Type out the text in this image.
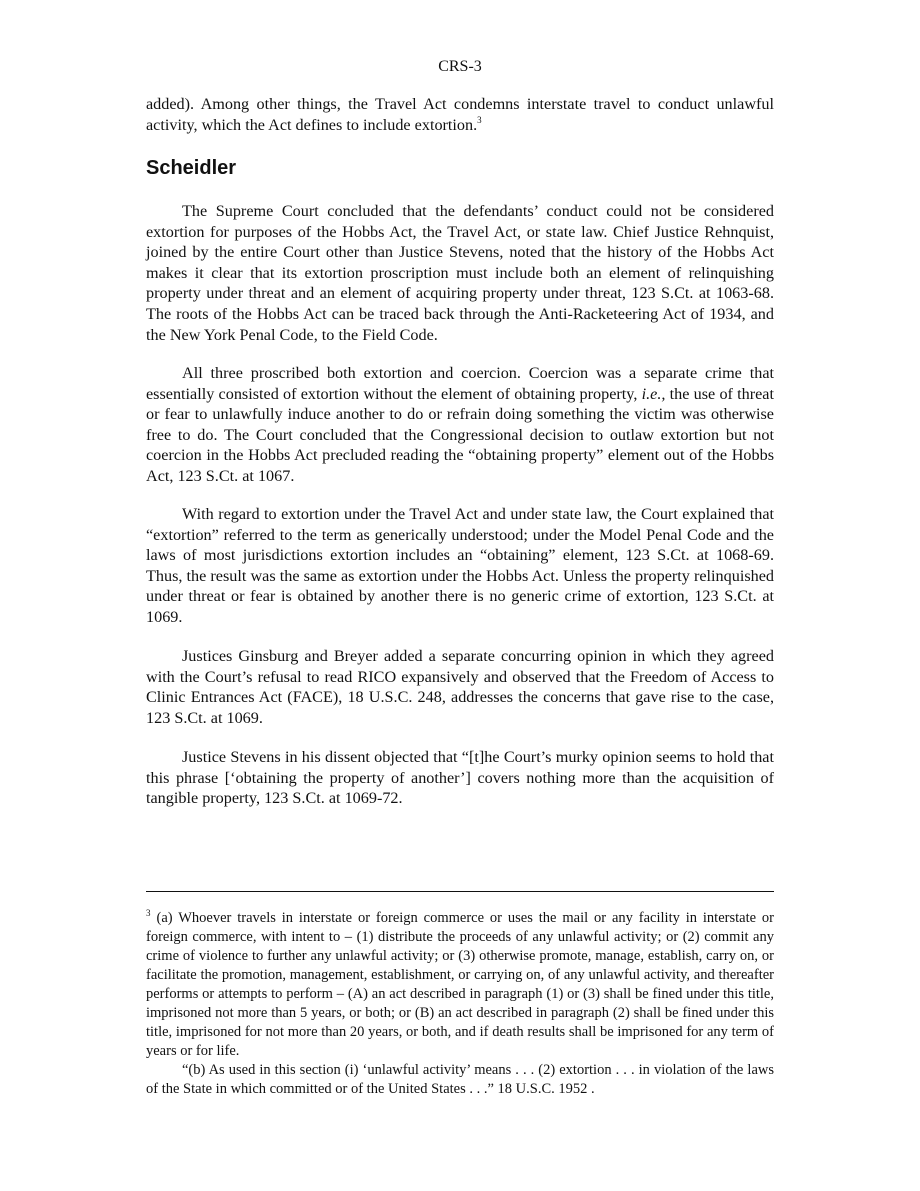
CRS-3
added). Among other things, the Travel Act condemns interstate travel to conduct unlawful activity, which the Act defines to include extortion.$^3$
Scheidler
The Supreme Court concluded that the defendants’ conduct could not be considered extortion for purposes of the Hobbs Act, the Travel Act, or state law. Chief Justice Rehnquist, joined by the entire Court other than Justice Stevens, noted that the history of the Hobbs Act makes it clear that its extortion proscription must include both an element of relinquishing property under threat and an element of acquiring property under threat, 123 S.Ct. at 1063-68. The roots of the Hobbs Act can be traced back through the Anti-Racketeering Act of 1934, and the New York Penal Code, to the Field Code.
All three proscribed both extortion and coercion. Coercion was a separate crime that essentially consisted of extortion without the element of obtaining property, i.e., the use of threat or fear to unlawfully induce another to do or refrain doing something the victim was otherwise free to do. The Court concluded that the Congressional decision to outlaw extortion but not coercion in the Hobbs Act precluded reading the “obtaining property” element out of the Hobbs Act, 123 S.Ct. at 1067.
With regard to extortion under the Travel Act and under state law, the Court explained that “extortion” referred to the term as generically understood; under the Model Penal Code and the laws of most jurisdictions extortion includes an “obtaining” element, 123 S.Ct. at 1068-69. Thus, the result was the same as extortion under the Hobbs Act. Unless the property relinquished under threat or fear is obtained by another there is no generic crime of extortion, 123 S.Ct. at 1069.
Justices Ginsburg and Breyer added a separate concurring opinion in which they agreed with the Court’s refusal to read RICO expansively and observed that the Freedom of Access to Clinic Entrances Act (FACE), 18 U.S.C. 248, addresses the concerns that gave rise to the case, 123 S.Ct. at 1069.
Justice Stevens in his dissent objected that “[t]he Court’s murky opinion seems to hold that this phrase [‘obtaining the property of another’] covers nothing more than the acquisition of tangible property, 123 S.Ct. at 1069-72.
$^3$ (a) Whoever travels in interstate or foreign commerce or uses the mail or any facility in interstate or foreign commerce, with intent to – (1) distribute the proceeds of any unlawful activity; or (2) commit any crime of violence to further any unlawful activity; or (3) otherwise promote, manage, establish, carry on, or facilitate the promotion, management, establishment, or carrying on, of any unlawful activity, and thereafter performs or attempts to perform – (A) an act described in paragraph (1) or (3) shall be fined under this title, imprisoned not more than 5 years, or both; or (B) an act described in paragraph (2) shall be fined under this title, imprisoned for not more than 20 years, or both, and if death results shall be imprisoned for any term of years or for life.
“(b) As used in this section (i) ‘unlawful activity’ means . . . (2) extortion . . . in violation of the laws of the State in which committed or of the United States . . .” 18 U.S.C. 1952 .
